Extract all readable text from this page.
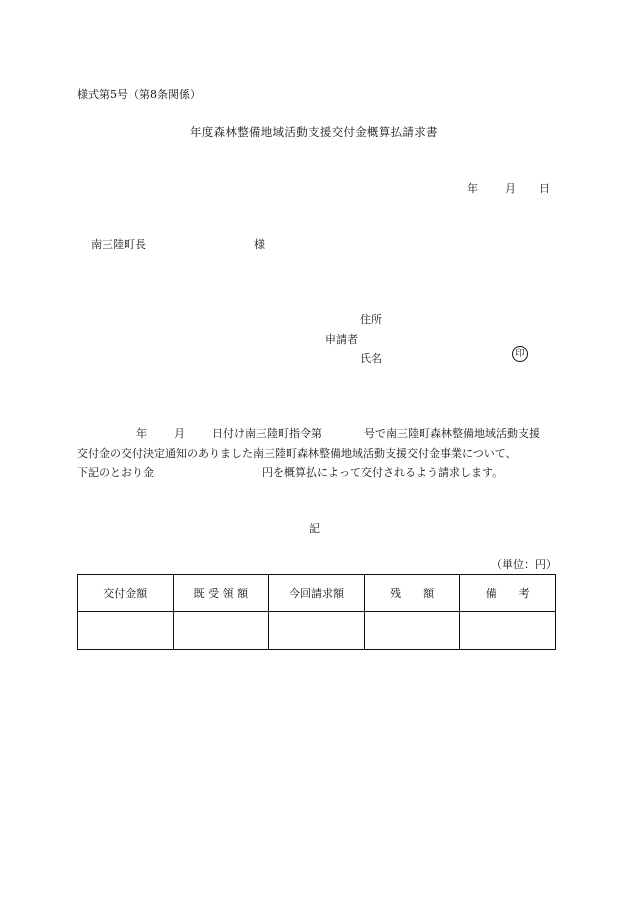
様式第5号（第8条関係）
年度森林整備地域活動支援交付金概算払請求書
年 月 日
南三陸町長	様
住所
申請者
氏名	印
年 月 日付け南三陸町指令第	号で南三陸町森林整備地域活動支援
交付金の交付決定通知のありました南三陸町森林整備地域活動支援交付金事業について、
下記のとおり金	円を概算払によって交付されるよう請求します。
記
（単位：円）
交付金額	既 受 領 額	今回請求額	残　　額	備　　考
